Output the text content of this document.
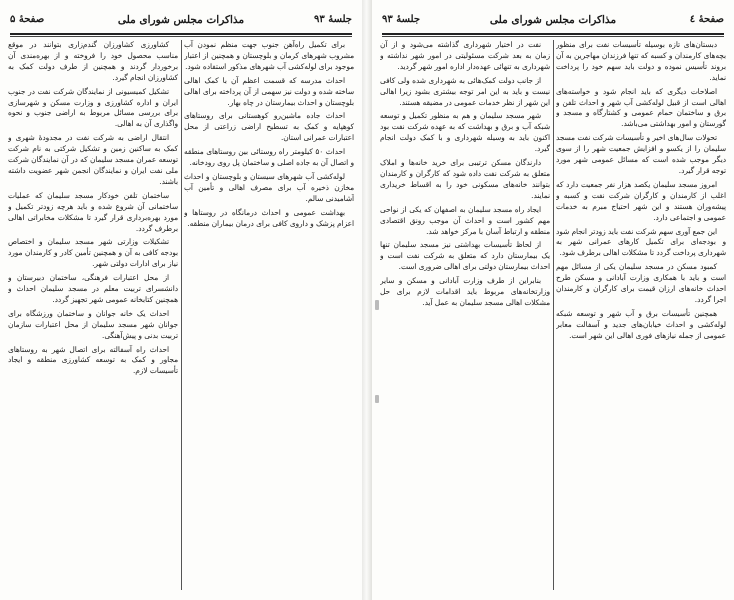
جلسهٔ ۹۳
مذاکرات مجلس شورای ملی
صفحهٔ ۵

برای تکمیل راه‌آهن جنوب جهت منظم نمودن آب مشروب شهرهای کرمان و بلوچستان و همچنین از اعتبار موجود برای لوله‌کشی آب شهرهای مذکور استفاده شود.

احداث مدرسه که قسمت اعظم آن با کمک اهالی ساخته شده و دولت نیز سهمی از آن پرداخته برای اهالی بلوچستان و احداث بیمارستان در چاه بهار.

احداث جاده ماشین‌رو کوهستانی برای روستاهای کوهپایه و کمک به تسطیح اراضی زراعتی از محل اعتبارات عمرانی استان.

احداث ۵۰ کیلومتر راه روستائی بین روستاهای منطقه و اتصال آن به جاده اصلی و ساختمان پل روی رودخانه.

لوله‌کشی آب شهرهای سیستان و بلوچستان و احداث مخازن ذخیره آب برای مصرف اهالی و تأمین آب آشامیدنی سالم.

بهداشت عمومی و احداث درمانگاه در روستاها و اعزام پزشک و داروی کافی برای درمان بیماران منطقه.

کشاورزی کشاورزان گندم‌زاری بتوانند در موقع مناسب محصول خود را فروخته و از بهره‌مندی آن برخوردار گردند و همچنین از طرف دولت کمک به کشاورزان انجام گیرد.

تشکیل کمیسیونی از نمایندگان شرکت نفت در جنوب ایران و اداره کشاورزی و وزارت مسکن و شهرسازی برای بررسی مسائل مربوط به اراضی جنوب و نحوه واگذاری آن به اهالی.

انتقال اراضی به شرکت نفت در مجدودهٔ شهری و کمک به ساکنین زمین و تشکیل شرکتی به نام شرکت توسعه عمران مسجد سلیمان که در آن نمایندگان شرکت ملی نفت ایران و نمایندگان انجمن شهر عضویت داشته باشند.

ساختمان تلفن خودکار مسجد سلیمان که عملیات ساختمانی آن شروع شده و باید هرچه زودتر تکمیل و مورد بهره‌برداری قرار گیرد تا مشکلات مخابراتی اهالی برطرف گردد.

تشکیلات وزارتی شهر مسجد سلیمان و اختصاص بودجه کافی به آن و همچنین تأمین کادر و کارمندان مورد نیاز برای ادارات دولتی شهر.

از محل اعتبارات فرهنگی، ساختمان دبیرستان و دانشسرای تربیت معلم در مسجد سلیمان احداث و همچنین کتابخانه عمومی شهر تجهیز گردد.

احداث یک خانه جوانان و ساختمان ورزشگاه برای جوانان شهر مسجد سلیمان از محل اعتبارات سازمان تربیت بدنی و پیش‌آهنگی.

احداث راه آسفالته برای اتصال شهر به روستاهای مجاور و کمک به توسعه کشاورزی منطقه و ایجاد تأسیسات لازم.

صفحهٔ ٤
مذاکرات مجلس شورای ملی
جلسهٔ ۹۳

دبستان‌های تازه بوسیله تأسیسات نفت برای منظور بچه‌های کارمندان و کسبه که تنها فرزندان مهاجرین به آن بروند تأسیس نموده و دولت باید سهم خود را پرداخت نماید.

اصلاحات دیگری که باید انجام شود و خواسته‌های اهالی است از قبیل لوله‌کشی آب شهر و احداث تلفن و برق و ساختمان حمام عمومی و کشتارگاه و مسجد و گورستان و امور بهداشتی می‌باشد.

تحولات سال‌های اخیر و تأسیسات شرکت نفت مسجد سلیمان را از یکسو و افزایش جمعیت شهر را از سوی دیگر موجب شده است که مسائل عمومی شهر مورد توجه قرار گیرد.

امروز مسجد سلیمان یکصد هزار نفر جمعیت دارد که اغلب از کارمندان و کارگران شرکت نفت و کسبه و پیشه‌وران هستند و این شهر احتیاج مبرم به خدمات عمومی و اجتماعی دارد.

این جمع آوری سهم شرکت نفت باید زودتر انجام شود و بودجه‌ای برای تکمیل کارهای عمرانی شهر به شهرداری پرداخت گردد تا مشکلات اهالی برطرف شود.

کمبود مسکن در مسجد سلیمان یکی از مسائل مهم است و باید با همکاری وزارت آبادانی و مسکن طرح احداث خانه‌های ارزان قیمت برای کارگران و کارمندان اجرا گردد.

همچنین تأسیسات برق و آب شهر و توسعه شبکه لوله‌کشی و احداث خیابان‌های جدید و آسفالت معابر عمومی از جمله نیازهای فوری اهالی این شهر است.

نفت در اختیار شهرداری گذاشته می‌شود و از آن زمان به بعد شرکت مسئولیتی در امور شهر نداشته و شهرداری به تنهائی عهده‌دار اداره امور شهر گردید.

از جانب دولت کمک‌هائی به شهرداری شده ولی کافی نیست و باید به این امر توجه بیشتری بشود زیرا اهالی این شهر از نظر خدمات عمومی در مضیقه هستند.

شهر مسجد سلیمان و هم به منظور تکمیل و توسعه شبکه آب و برق و بهداشت که به عهده شرکت نفت بود اکنون باید به وسیله شهرداری و با کمک دولت انجام گیرد.

دارندگان مسکن ترتیبی برای خرید خانه‌ها و املاک متعلق به شرکت نفت داده شود که کارگران و کارمندان بتوانند خانه‌های مسکونی خود را به اقساط خریداری نمایند.

ایجاد راه مسجد سلیمان به اصفهان که یکی از نواحی مهم کشور است و احداث آن موجب رونق اقتصادی منطقه و ارتباط آسان با مرکز خواهد شد.

از لحاظ تأسیسات بهداشتی نیز مسجد سلیمان تنها یک بیمارستان دارد که متعلق به شرکت نفت است و احداث بیمارستان دولتی برای اهالی ضروری است.

بنابراین از طرف وزارت آبادانی و مسکن و سایر وزارتخانه‌های مربوط باید اقدامات لازم برای حل مشکلات اهالی مسجد سلیمان به عمل آید.
